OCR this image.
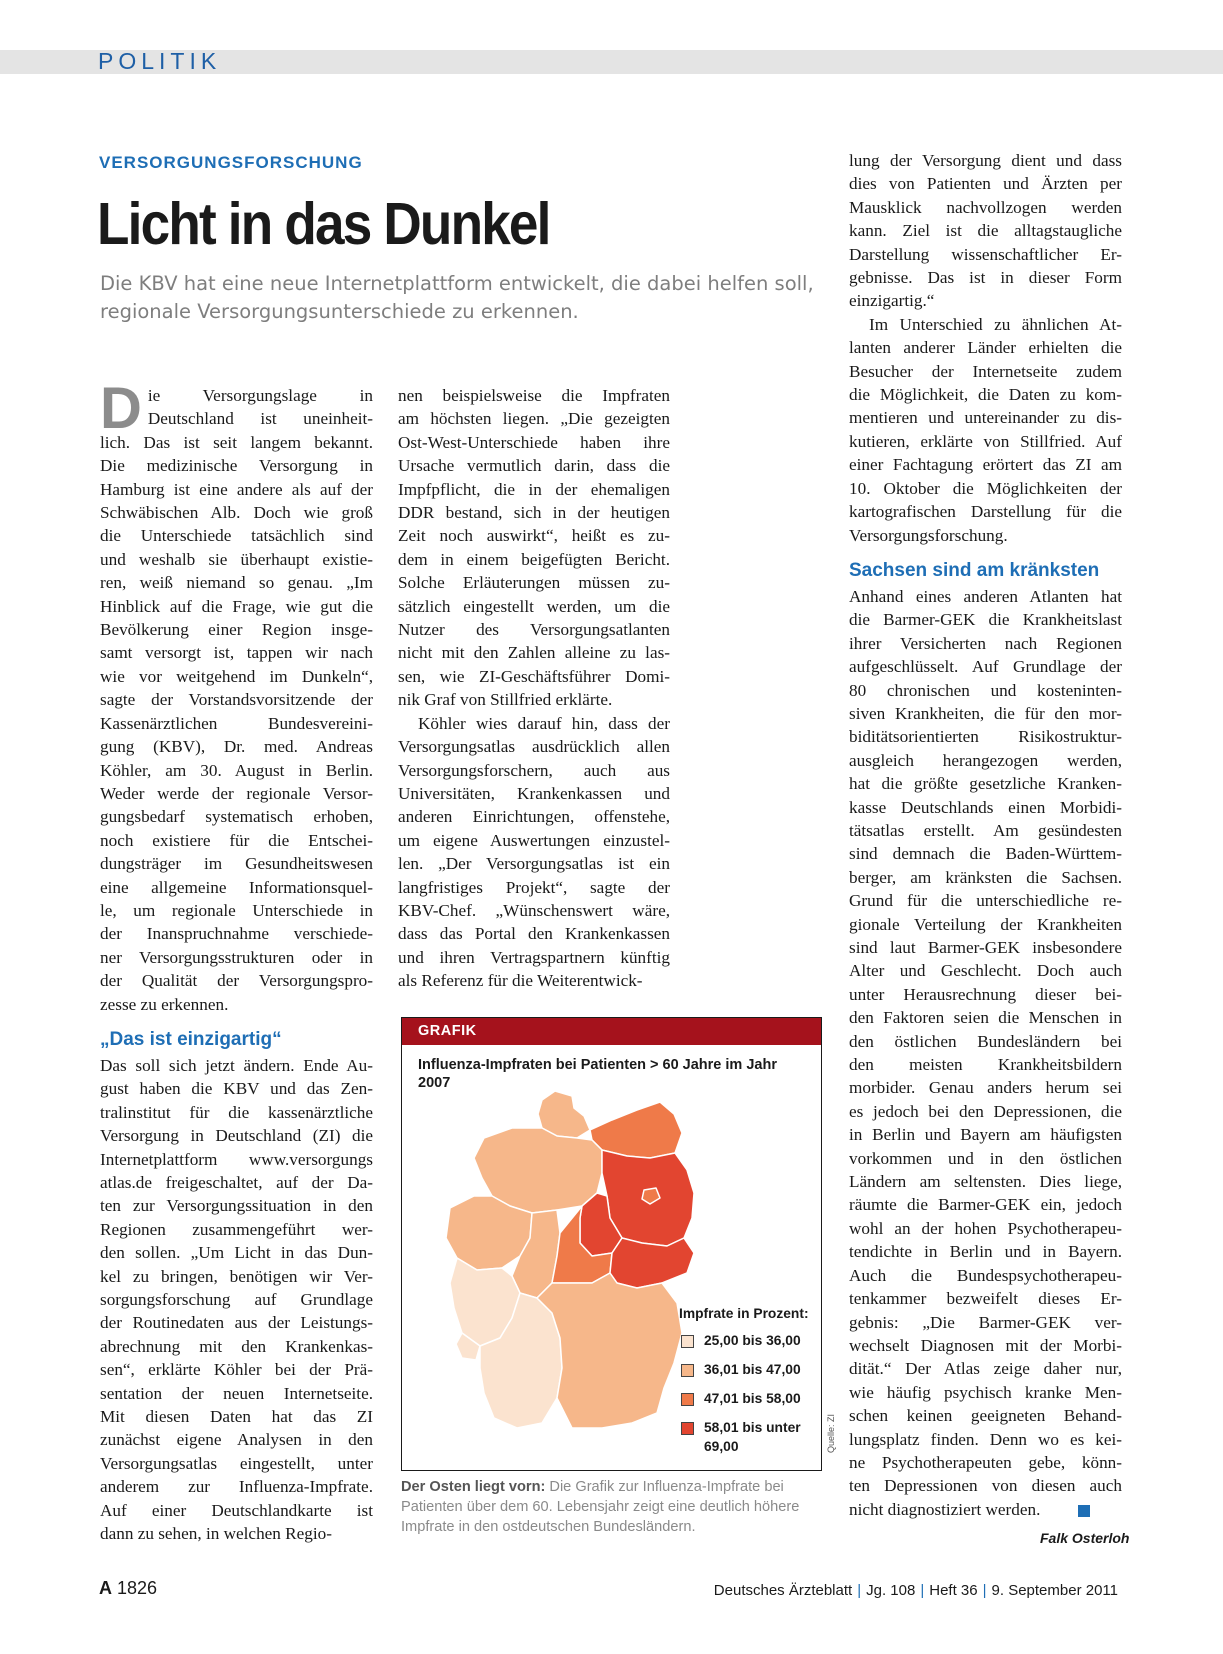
POLITIK
VERSORGUNGSFORSCHUNG
Licht in das Dunkel
Die KBV hat eine neue Internetplattform entwickelt, die dabei helfen soll, regionale Versorgungsunterschiede zu erkennen.
D ie Versorgungslage in
Deutschland ist uneinheit-
lich. Das ist seit langem bekannt.
Die medizinische Versorgung in
Hamburg ist eine andere als auf der
Schwäbischen Alb. Doch wie groß
die Unterschiede tatsächlich sind
und weshalb sie überhaupt existie-
ren, weiß niemand so genau. „Im
Hinblick auf die Frage, wie gut die
Bevölkerung einer Region insge-
samt versorgt ist, tappen wir nach
wie vor weitgehend im Dunkeln“,
sagte der Vorstandsvorsitzende der
Kassenärztlichen Bundesvereini-
gung (KBV), Dr. med. Andreas
Köhler, am 30. August in Berlin.
Weder werde der regionale Versor-
gungsbedarf systematisch erhoben,
noch existiere für die Entschei-
dungsträger im Gesundheitswesen
eine allgemeine Informationsquel-
le, um regionale Unterschiede in
der Inanspruchnahme verschiede-
ner Versorgungsstrukturen oder in
der Qualität der Versorgungspro-
zesse zu erkennen.
„Das ist einzigartig“
Das soll sich jetzt ändern. Ende Au-
gust haben die KBV und das Zen-
tralinstitut für die kassenärztliche
Versorgung in Deutschland (ZI) die
Internetplattform www.versorgungs
atlas.de freigeschaltet, auf der Da-
ten zur Versorgungssituation in den
Regionen zusammengeführt wer-
den sollen. „Um Licht in das Dun-
kel zu bringen, benötigen wir Ver-
sorgungsforschung auf Grundlage
der Routinedaten aus der Leistungs-
abrechnung mit den Krankenkas-
sen“, erklärte Köhler bei der Prä-
sentation der neuen Internetseite.
Mit diesen Daten hat das ZI
zunächst eigene Analysen in den
Versorgungsatlas eingestellt, unter
anderem zur Influenza-Impfrate.
Auf einer Deutschlandkarte ist
dann zu sehen, in welchen Regio-
nen beispielsweise die Impfraten
am höchsten liegen. „Die gezeigten
Ost-West-Unterschiede haben ihre
Ursache vermutlich darin, dass die
Impfpflicht, die in der ehemaligen
DDR bestand, sich in der heutigen
Zeit noch auswirkt“, heißt es zu-
dem in einem beigefügten Bericht.
Solche Erläuterungen müssen zu-
sätzlich eingestellt werden, um die
Nutzer des Versorgungsatlanten
nicht mit den Zahlen alleine zu las-
sen, wie ZI-Geschäftsführer Domi-
nik Graf von Stillfried erklärte.
Köhler wies darauf hin, dass der
Versorgungsatlas ausdrücklich allen
Versorgungsforschern, auch aus
Universitäten, Krankenkassen und
anderen Einrichtungen, offenstehe,
um eigene Auswertungen einzustel-
len. „Der Versorgungsatlas ist ein
langfristiges Projekt“, sagte der
KBV-Chef. „Wünschenswert wäre,
dass das Portal den Krankenkassen
und ihren Vertragspartnern künftig
als Referenz für die Weiterentwick-
lung der Versorgung dient und dass
dies von Patienten und Ärzten per
Mausklick nachvollzogen werden
kann. Ziel ist die alltagstaugliche
Darstellung wissenschaftlicher Er-
gebnisse. Das ist in dieser Form
einzigartig.“
Im Unterschied zu ähnlichen At-
lanten anderer Länder erhielten die
Besucher der Internetseite zudem
die Möglichkeit, die Daten zu kom-
mentieren und untereinander zu dis-
kutieren, erklärte von Stillfried. Auf
einer Fachtagung erörtert das ZI am
10. Oktober die Möglichkeiten der
kartografischen Darstellung für die
Versorgungsforschung.
Sachsen sind am kränksten
Anhand eines anderen Atlanten hat
die Barmer-GEK die Krankheitslast
ihrer Versicherten nach Regionen
aufgeschlüsselt. Auf Grundlage der
80 chronischen und kosteninten-
siven Krankheiten, die für den mor-
biditätsorientierten Risikostruktur-
ausgleich herangezogen werden,
hat die größte gesetzliche Kranken-
kasse Deutschlands einen Morbidi-
tätsatlas erstellt. Am gesündesten
sind demnach die Baden-Württem-
berger, am kränksten die Sachsen.
Grund für die unterschiedliche re-
gionale Verteilung der Krankheiten
sind laut Barmer-GEK insbesondere
Alter und Geschlecht. Doch auch
unter Herausrechnung dieser bei-
den Faktoren seien die Menschen in
den östlichen Bundesländern bei
den meisten Krankheitsbildern
morbider. Genau anders herum sei
es jedoch bei den Depressionen, die
in Berlin und Bayern am häufigsten
vorkommen und in den östlichen
Ländern am seltensten. Dies liege,
räumte die Barmer-GEK ein, jedoch
wohl an der hohen Psychotherapeu-
tendichte in Berlin und in Bayern.
Auch die Bundespsychotherapeu-
tenkammer bezweifelt dieses Er-
gebnis: „Die Barmer-GEK ver-
wechselt Diagnosen mit der Morbi-
dität.“ Der Atlas zeige daher nur,
wie häufig psychisch kranke Men-
schen keinen geeigneten Behand-
lungsplatz finden. Denn wo es kei-
ne Psychotherapeuten gebe, könn-
ten Depressionen von diesen auch
nicht diagnostiziert werden.
GRAFIK
Influenza-Impfraten bei Patienten > 60 Jahre im Jahr 2007
Impfrate in Prozent:
25,00 bis 36,00
36,01 bis 47,00
47,01 bis 58,00
58,01 bis unter 69,00	Quelle: ZI
Der Osten liegt vorn: Die Grafik zur Influenza-Impfrate bei Patienten über dem 60. Lebensjahr zeigt eine deutlich höhere Impfrate in den ostdeutschen Bundesländern.
Falk Osterloh
A 1826	Deutsches Ärzteblatt | Jg. 108 | Heft 36 | 9. September 2011
